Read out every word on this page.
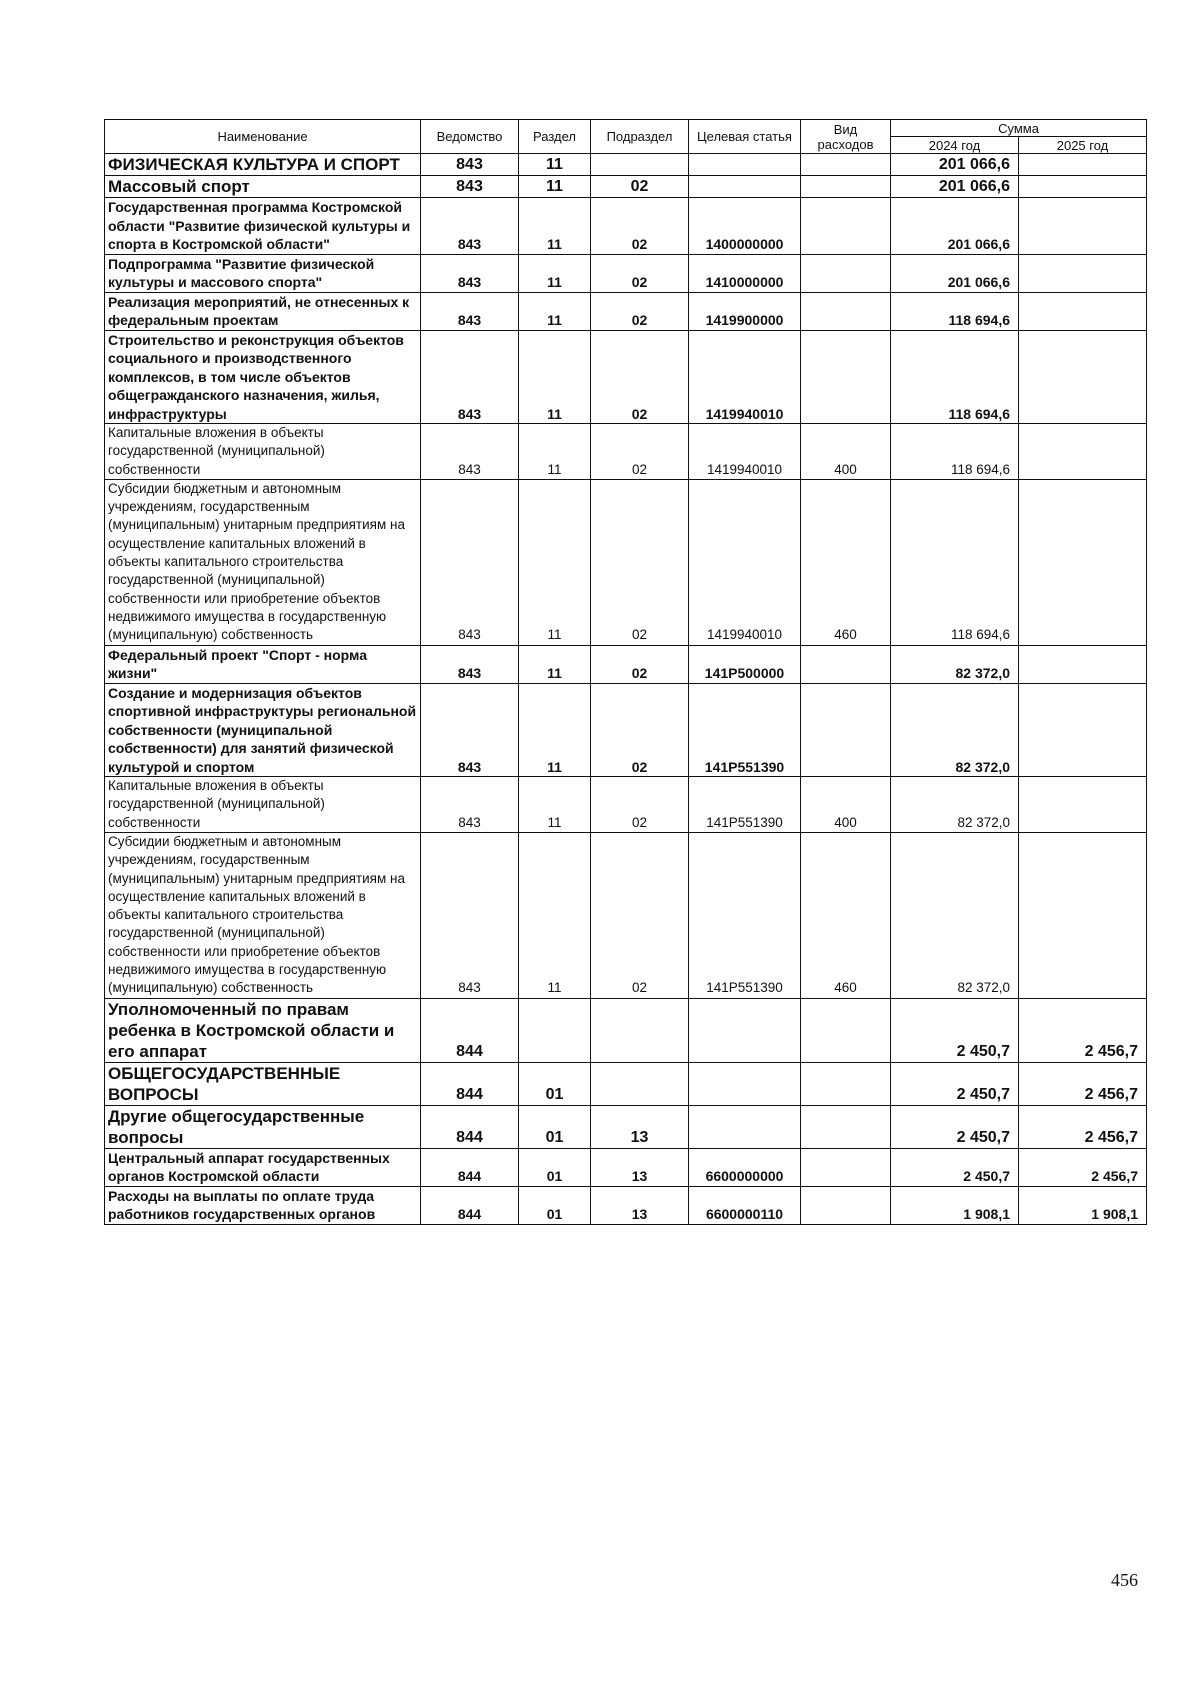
Наименование	Ведомство	Раздел	Подраздел	Целевая статья	Вид расходов	Сумма	
						2024 год	2025 год
ФИЗИЧЕСКАЯ КУЛЬТУРА И СПОРТ	843	11				201 066,6	
Массовый спорт	843	11	02			201 066,6	
Государственная программа Костромской области "Развитие физической культуры и спорта в Костромской области"	843	11	02	1400000000		201 066,6	
Подпрограмма "Развитие физической культуры и массового спорта"	843	11	02	1410000000		201 066,6	
Реализация мероприятий, не отнесенных к федеральным проектам	843	11	02	1419900000		118 694,6	
Строительство и реконструкция объектов социального и производственного комплексов, в том числе объектов общегражданского назначения, жилья, инфраструктуры	843	11	02	1419940010		118 694,6	
Капитальные вложения в объекты государственной (муниципальной) собственности	843	11	02	1419940010	400	118 694,6	
Субсидии бюджетным и автономным учреждениям, государственным (муниципальным) унитарным предприятиям на осуществление капитальных вложений в объекты капитального строительства государственной (муниципальной) собственности или приобретение объектов недвижимого имущества в государственную (муниципальную) собственность	843	11	02	1419940010	460	118 694,6	
Федеральный проект "Спорт - норма жизни"	843	11	02	141P500000		82 372,0	
Создание и модернизация объектов спортивной инфраструктуры региональной собственности (муниципальной собственности) для занятий физической культурой и спортом	843	11	02	141P551390		82 372,0	
Капитальные вложения в объекты государственной (муниципальной) собственности	843	11	02	141P551390	400	82 372,0	
Субсидии бюджетным и автономным учреждениям, государственным (муниципальным) унитарным предприятиям на осуществление капитальных вложений в объекты капитального строительства государственной (муниципальной) собственности или приобретение объектов недвижимого имущества в государственную (муниципальную) собственность	843	11	02	141P551390	460	82 372,0	
Уполномоченный по правам ребенка в Костромской области и его аппарат	844					2 450,7	2 456,7
ОБЩЕГОСУДАРСТВЕННЫЕ ВОПРОСЫ	844	01				2 450,7	2 456,7
Другие общегосударственные вопросы	844	01	13			2 450,7	2 456,7
Центральный аппарат государственных органов Костромской области	844	01	13	6600000000		2 450,7	2 456,7
Расходы на выплаты по оплате труда работников государственных органов	844	01	13	6600000110		1 908,1	1 908,1
456
